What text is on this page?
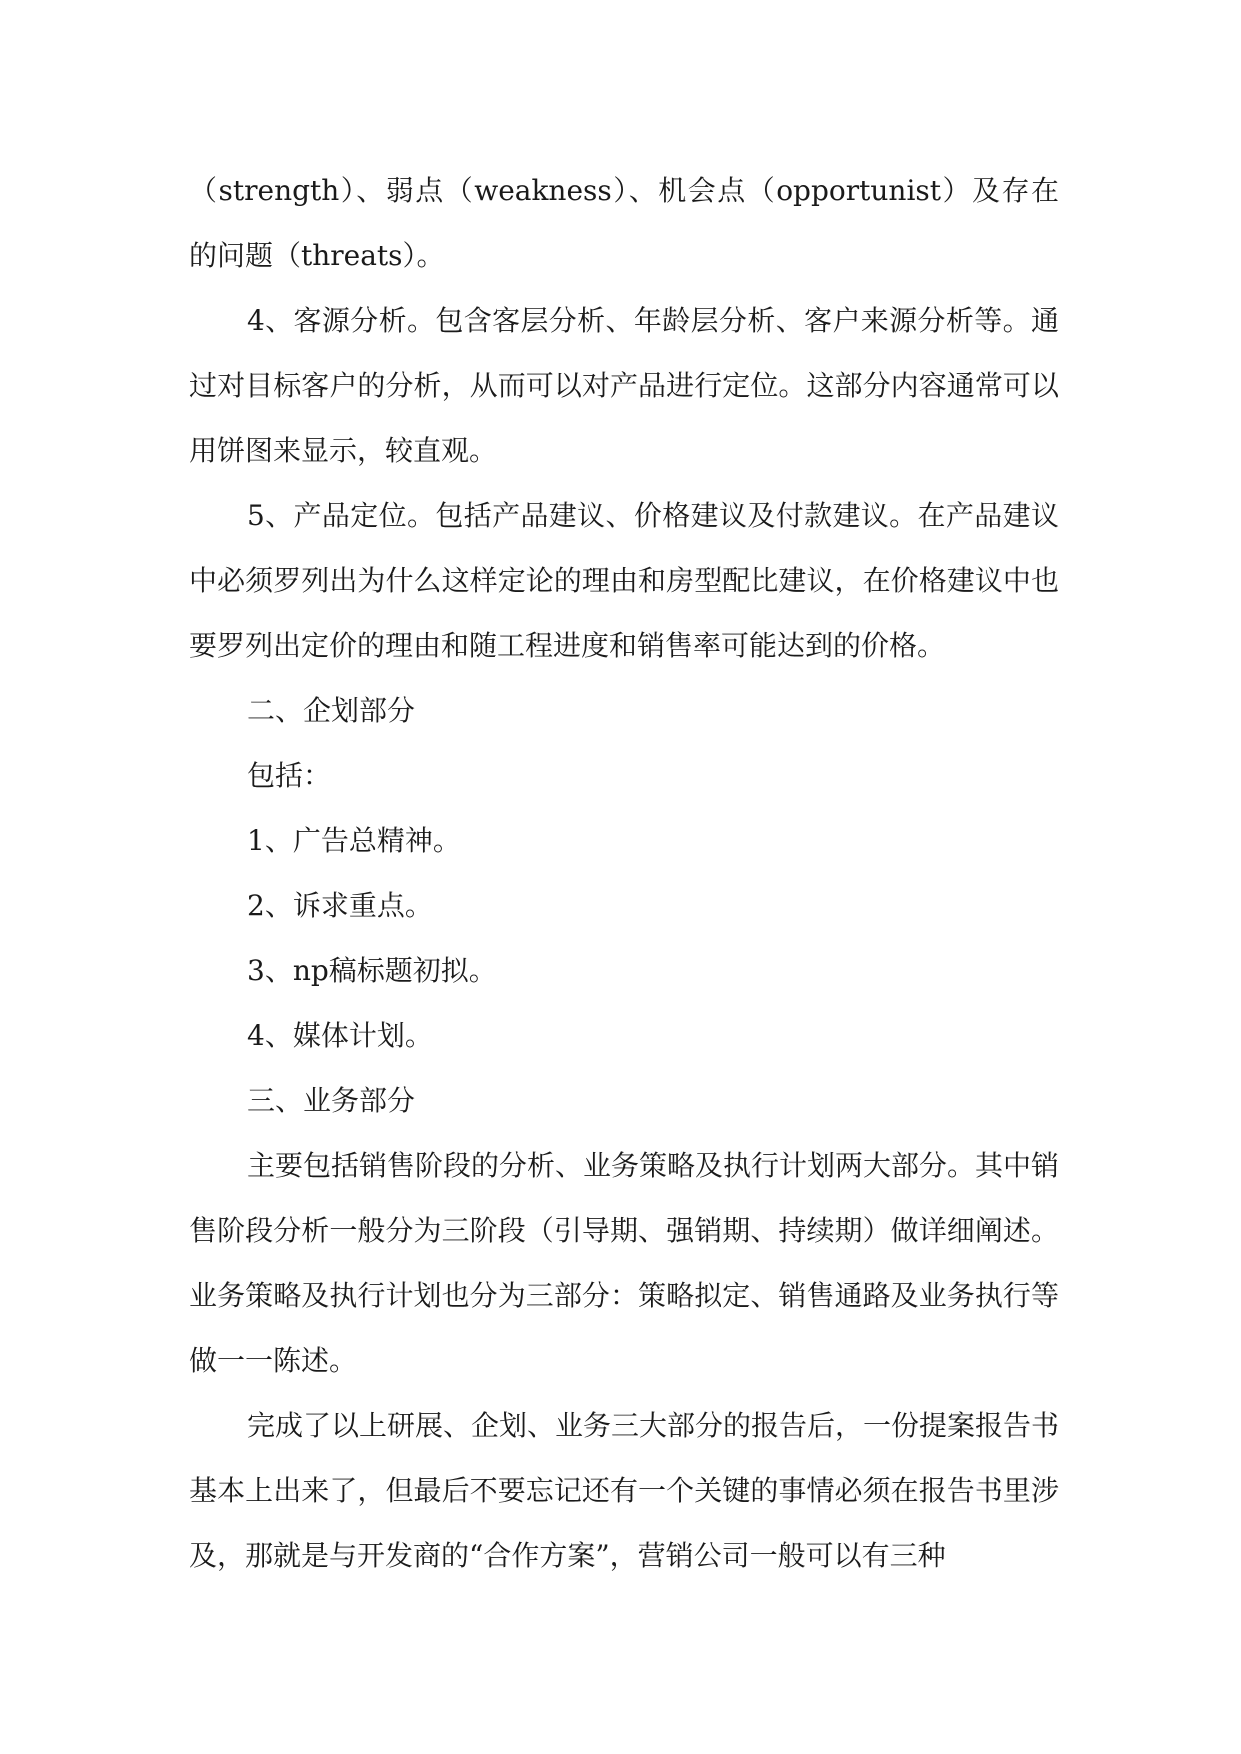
（strength）、弱点（weakness）、机会点（opportunist）及存在的问题（threats）。

4、客源分析。包含客层分析、年龄层分析、客户来源分析等。通过对目标客户的分析，从而可以对产品进行定位。这部分内容通常可以用饼图来显示，较直观。

5、产品定位。包括产品建议、价格建议及付款建议。在产品建议中必须罗列出为什么这样定论的理由和房型配比建议，在价格建议中也要罗列出定价的理由和随工程进度和销售率可能达到的价格。

二、企划部分

包括：

1、广告总精神。

2、诉求重点。

3、np稿标题初拟。

4、媒体计划。

三、业务部分

主要包括销售阶段的分析、业务策略及执行计划两大部分。其中销售阶段分析一般分为三阶段（引导期、强销期、持续期）做详细阐述。业务策略及执行计划也分为三部分：策略拟定、销售通路及业务执行等做一一陈述。

完成了以上研展、企划、业务三大部分的报告后，一份提案报告书基本上出来了，但最后不要忘记还有一个关键的事情必须在报告书里涉及，那就是与开发商的“合作方案”，营销公司一般可以有三种
